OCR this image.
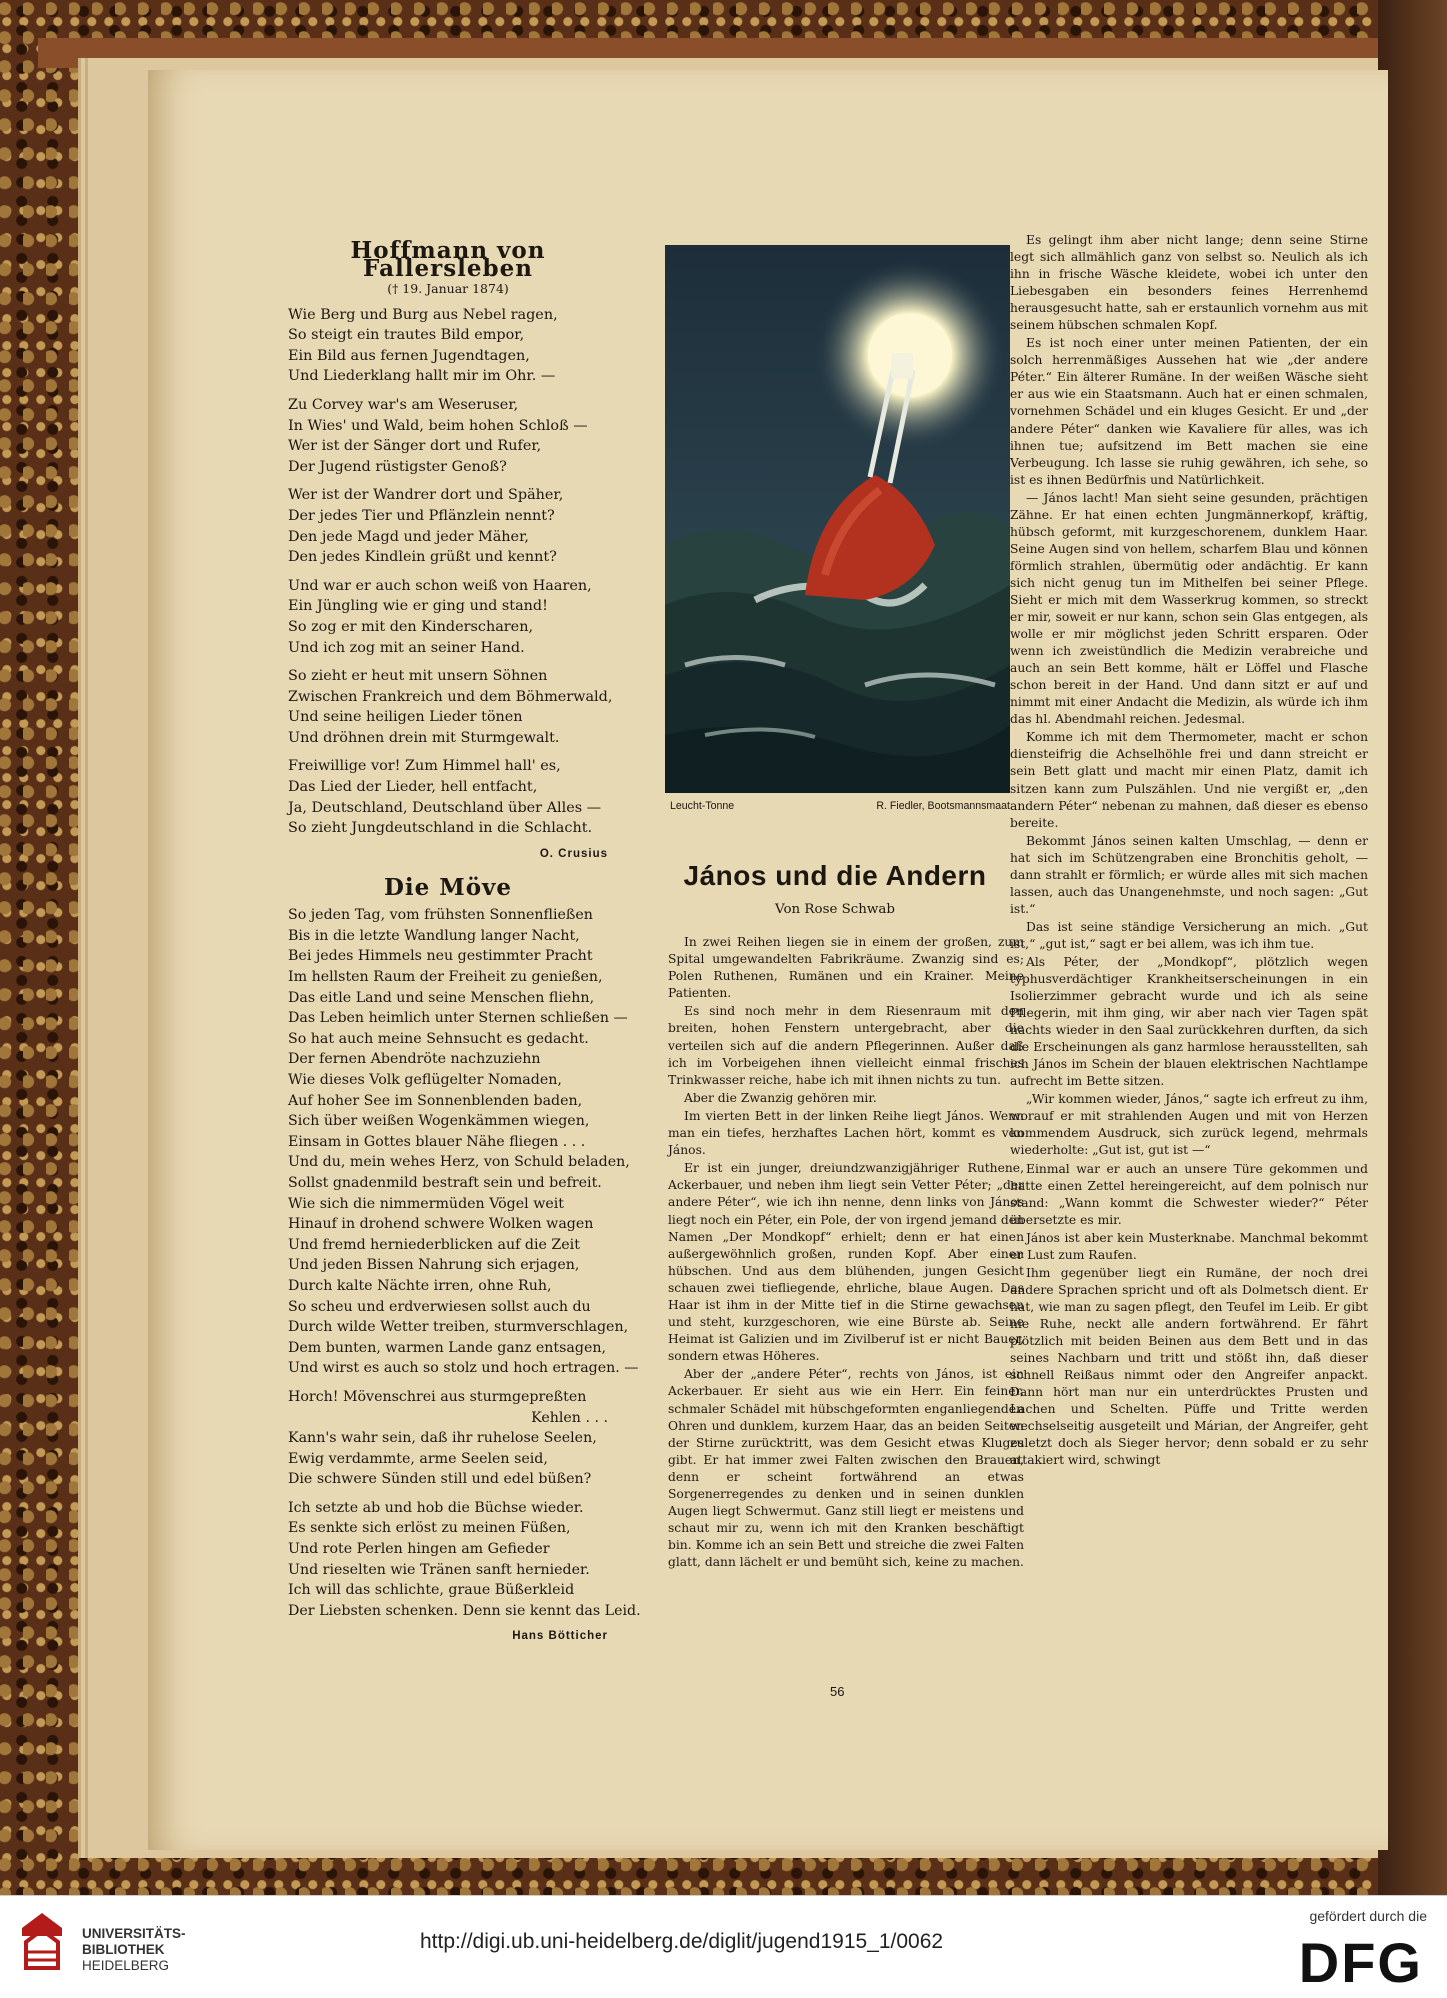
Hoffmann von Fallersleben
(† 19. Januar 1874)
Wie Berg und Burg aus Nebel ragen,
So steigt ein trautes Bild empor,
Ein Bild aus fernen Jugendtagen,
Und Liederklang hallt mir im Ohr. —
Zu Corvey war's am Weseruser,
In Wies' und Wald, beim hohen Schloß —
Wer ist der Sänger dort und Rufer,
Der Jugend rüstigster Genoß?
Wer ist der Wandrer dort und Späher,
Der jedes Tier und Pflänzlein nennt?
Den jede Magd und jeder Mäher,
Den jedes Kindlein grüßt und kennt?
Und war er auch schon weiß von Haaren,
Ein Jüngling wie er ging und stand!
So zog er mit den Kinderscharen,
Und ich zog mit an seiner Hand.
So zieht er heut mit unsern Söhnen
Zwischen Frankreich und dem Böhmerwald,
Und seine heiligen Lieder tönen
Und dröhnen drein mit Sturmgewalt.
Freiwillige vor! Zum Himmel hall' es,
Das Lied der Lieder, hell entfacht,
Ja, Deutschland, Deutschland über Alles —
So zieht Jungdeutschland in die Schlacht.
O. Crusius
Die Möve
So jeden Tag, vom frühsten Sonnenfließen
Bis in die letzte Wandlung langer Nacht,
Bei jedes Himmels neu gestimmter Pracht
Im hellsten Raum der Freiheit zu genießen,
Das eitle Land und seine Menschen fliehn,
Das Leben heimlich unter Sternen schließen —
So hat auch meine Sehnsucht es gedacht.
Der fernen Abendröte nachzuziehn
Wie dieses Volk geflügelter Nomaden,
Auf hoher See im Sonnenblenden baden,
Sich über weißen Wogenkämmen wiegen,
Einsam in Gottes blauer Nähe fliegen . . .
Und du, mein wehes Herz, von Schuld beladen,
Sollst gnadenmild bestraft sein und befreit.
Wie sich die nimmermüden Vögel weit
Hinauf in drohend schwere Wolken wagen
Und fremd herniederblicken auf die Zeit
Und jeden Bissen Nahrung sich erjagen,
Durch kalte Nächte irren, ohne Ruh,
So scheu und erdverwiesen sollst auch du
Durch wilde Wetter treiben, sturmverschlagen,
Dem bunten, warmen Lande ganz entsagen,
Und wirst es auch so stolz und hoch ertragen. —
Horch! Mövenschrei aus sturmgepreßten
Kehlen . . .
Kann's wahr sein, daß ihr ruhelose Seelen,
Ewig verdammte, arme Seelen seid,
Die schwere Sünden still und edel büßen?
Ich setzte ab und hob die Büchse wieder.
Es senkte sich erlöst zu meinen Füßen,
Und rote Perlen hingen am Gefieder
Und rieselten wie Tränen sanft hernieder.
Ich will das schlichte, graue Büßerkleid
Der Liebsten schenken. Denn sie kennt das Leid.
Hans Bötticher
Leucht-Tonne	R. Fiedler, Bootsmannsmaat
János und die Andern
Von Rose Schwab

In zwei Reihen liegen sie in einem der großen, zum Spital umgewandelten Fabrikräume. Zwanzig sind es; Polen Ruthenen, Rumänen und ein Krainer. Meine Patienten.

Es sind noch mehr in dem Riesenraum mit den breiten, hohen Fenstern untergebracht, aber die verteilen sich auf die andern Pflegerinnen. Außer daß ich im Vorbeigehen ihnen vielleicht einmal frisches Trinkwasser reiche, habe ich mit ihnen nichts zu tun.

Aber die Zwanzig gehören mir.

Im vierten Bett in der linken Reihe liegt János. Wenn man ein tiefes, herzhaftes Lachen hört, kommt es von János.

Er ist ein junger, dreiundzwanzigjähriger Ruthene, Ackerbauer, und neben ihm liegt sein Vetter Péter; „der andere Péter“, wie ich ihn nenne, denn links von János liegt noch ein Péter, ein Pole, der von irgend jemand den Namen „Der Mondkopf“ erhielt; denn er hat einen außergewöhnlich großen, runden Kopf. Aber einen hübschen. Und aus dem blühenden, jungen Gesicht schauen zwei tiefliegende, ehrliche, blaue Augen. Das Haar ist ihm in der Mitte tief in die Stirne gewachsen und steht, kurzgeschoren, wie eine Bürste ab. Seine Heimat ist Galizien und im Zivilberuf ist er nicht Bauer, sondern etwas Höheres.

Aber der „andere Péter“, rechts von János, ist ein Ackerbauer. Er sieht aus wie ein Herr. Ein feiner, schmaler Schädel mit hübschgeformten enganliegenden Ohren und dunklem, kurzem Haar, das an beiden Seiten der Stirne zurücktritt, was dem Gesicht etwas Kluges gibt. Er hat immer zwei Falten zwischen den Brauen, denn er scheint fortwährend an etwas Sorgenerregendes zu denken und in seinen dunklen Augen liegt Schwermut. Ganz still liegt er meistens und schaut mir zu, wenn ich mit den Kranken beschäftigt bin. Komme ich an sein Bett und streiche die zwei Falten glatt, dann lächelt er und bemüht sich, keine zu machen.

Es gelingt ihm aber nicht lange; denn seine Stirne legt sich allmählich ganz von selbst so. Neulich als ich ihn in frische Wäsche kleidete, wobei ich unter den Liebesgaben ein besonders feines Herrenhemd herausgesucht hatte, sah er erstaunlich vornehm aus mit seinem hübschen schmalen Kopf.

Es ist noch einer unter meinen Patienten, der ein solch herrenmäßiges Aussehen hat wie „der andere Péter.“ Ein älterer Rumäne. In der weißen Wäsche sieht er aus wie ein Staatsmann. Auch hat er einen schmalen, vornehmen Schädel und ein kluges Gesicht. Er und „der andere Péter“ danken wie Kavaliere für alles, was ich ihnen tue; aufsitzend im Bett machen sie eine Verbeugung. Ich lasse sie ruhig gewähren, ich sehe, so ist es ihnen Bedürfnis und Natürlichkeit.

— János lacht! Man sieht seine gesunden, prächtigen Zähne. Er hat einen echten Jungmännerkopf, kräftig, hübsch geformt, mit kurzgeschorenem, dunklem Haar. Seine Augen sind von hellem, scharfem Blau und können förmlich strahlen, übermütig oder andächtig. Er kann sich nicht genug tun im Mithelfen bei seiner Pflege. Sieht er mich mit dem Wasserkrug kommen, so streckt er mir, soweit er nur kann, schon sein Glas entgegen, als wolle er mir möglichst jeden Schritt ersparen. Oder wenn ich zweistündlich die Medizin verabreiche und auch an sein Bett komme, hält er Löffel und Flasche schon bereit in der Hand. Und dann sitzt er auf und nimmt mit einer Andacht die Medizin, als würde ich ihm das hl. Abendmahl reichen. Jedesmal.

Komme ich mit dem Thermometer, macht er schon diensteifrig die Achselhöhle frei und dann streicht er sein Bett glatt und macht mir einen Platz, damit ich sitzen kann zum Pulszählen. Und nie vergißt er, „den andern Péter“ nebenan zu mahnen, daß dieser es ebenso bereite.

Bekommt János seinen kalten Umschlag, — denn er hat sich im Schützengraben eine Bronchitis geholt, — dann strahlt er förmlich; er würde alles mit sich machen lassen, auch das Unangenehmste, und noch sagen: „Gut ist.“

Das ist seine ständige Versicherung an mich. „Gut ist,“ „gut ist,“ sagt er bei allem, was ich ihm tue.

Als Péter, der „Mondkopf“, plötzlich wegen typhusverdächtiger Krankheitserscheinungen in ein Isolierzimmer gebracht wurde und ich als seine Pflegerin, mit ihm ging, wir aber nach vier Tagen spät nachts wieder in den Saal zurückkehren durften, da sich die Erscheinungen als ganz harmlose herausstellten, sah ich János im Schein der blauen elektrischen Nachtlampe aufrecht im Bette sitzen.

„Wir kommen wieder, János,“ sagte ich erfreut zu ihm, worauf er mit strahlenden Augen und mit von Herzen kommendem Ausdruck, sich zurück legend, mehrmals wiederholte: „Gut ist, gut ist —“

Einmal war er auch an unsere Türe gekommen und hatte einen Zettel hereingereicht, auf dem polnisch nur stand: „Wann kommt die Schwester wieder?“ Péter übersetzte es mir.

János ist aber kein Musterknabe. Manchmal bekommt er Lust zum Raufen.

Ihm gegenüber liegt ein Rumäne, der noch drei andere Sprachen spricht und oft als Dolmetsch dient. Er hat, wie man zu sagen pflegt, den Teufel im Leib. Er gibt nie Ruhe, neckt alle andern fortwährend. Er fährt plötzlich mit beiden Beinen aus dem Bett und in das seines Nachbarn und tritt und stößt ihn, daß dieser schnell Reißaus nimmt oder den Angreifer anpackt. Dann hört man nur ein unterdrücktes Prusten und Lachen und Schelten. Püffe und Tritte werden wechselseitig ausgeteilt und Márian, der Angreifer, geht zuletzt doch als Sieger hervor; denn sobald er zu sehr attakiert wird, schwingt

56
UNIVERSITÄTS-
BIBLIOTHEK
HEIDELBERG
http://digi.ub.uni-heidelberg.de/diglit/jugend1915_1/0062
gefördert durch die
DFG
